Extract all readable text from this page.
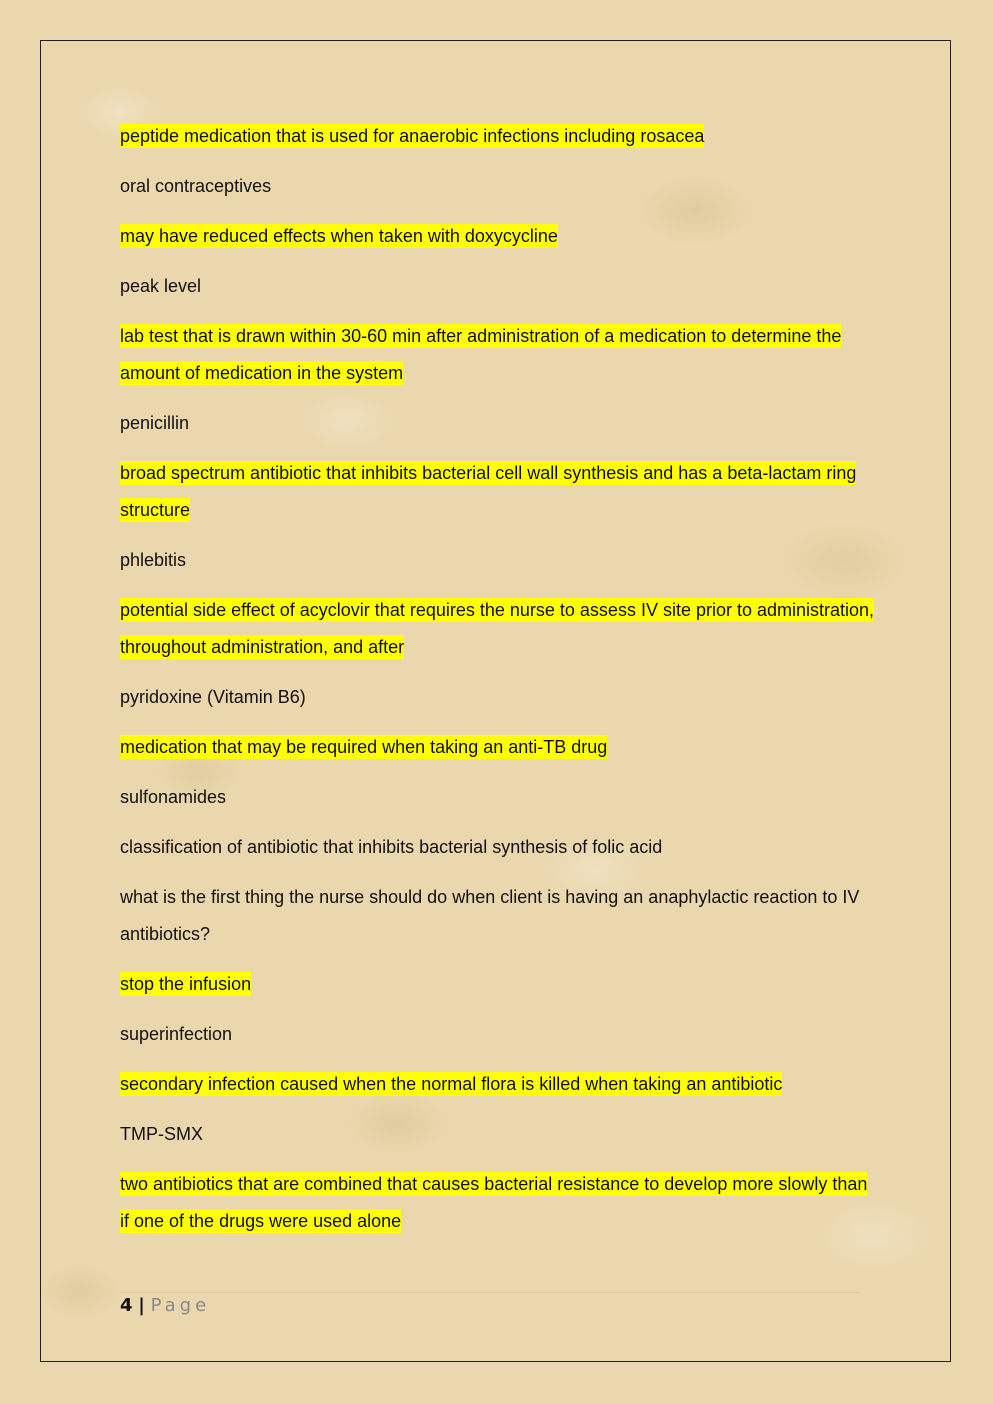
peptide medication that is used for anaerobic infections including rosacea
oral contraceptives
may have reduced effects when taken with doxycycline
peak level
lab test that is drawn within 30-60 min after administration of a medication to determine the amount of medication in the system
penicillin
broad spectrum antibiotic that inhibits bacterial cell wall synthesis and has a beta-lactam ring structure
phlebitis
potential side effect of acyclovir that requires the nurse to assess IV site prior to administration, throughout administration, and after
pyridoxine (Vitamin B6)
medication that may be required when taking an anti-TB drug
sulfonamides
classification of antibiotic that inhibits bacterial synthesis of folic acid
what is the first thing the nurse should do when client is having an anaphylactic reaction to IV antibiotics?
stop the infusion
superinfection
secondary infection caused when the normal flora is killed when taking an antibiotic
TMP-SMX
two antibiotics that are combined that causes bacterial resistance to develop more slowly than if one of the drugs were used alone
4 | Page
